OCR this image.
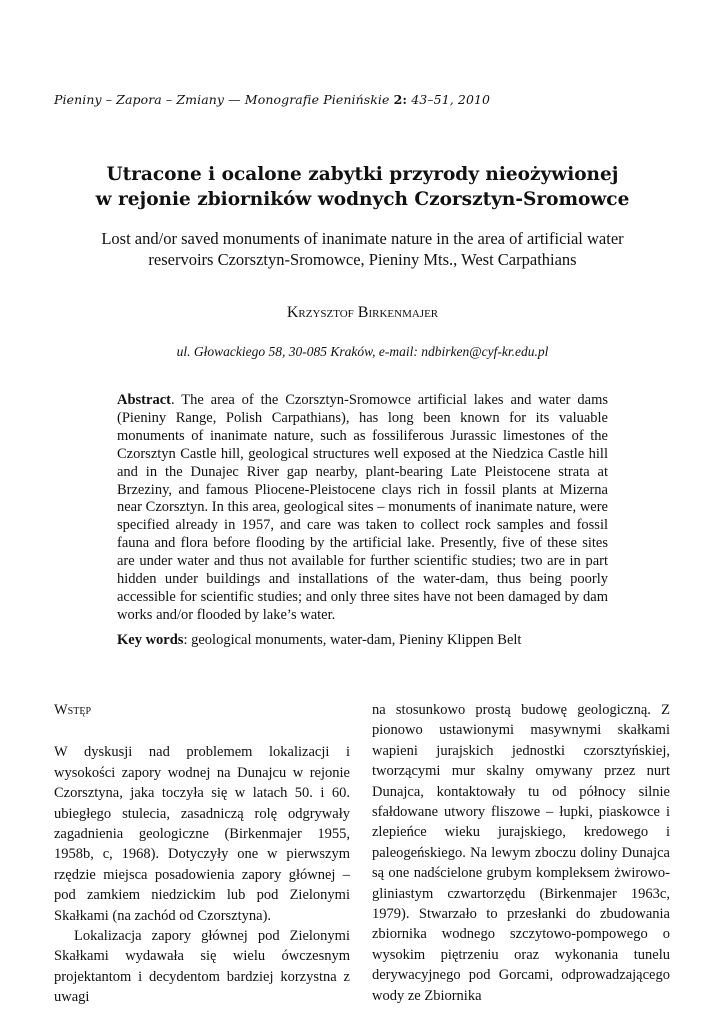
Pieniny – Zapora – Zmiany — Monografie Pienińskie 2: 43–51, 2010
Utracone i ocalone zabytki przyrody nieożywionej
w rejonie zbiorników wodnych Czorsztyn-Sromowce
Lost and/or saved monuments of inanimate nature in the area of artificial water
reservoirs Czorsztyn-Sromowce, Pieniny Mts., West Carpathians
Krzysztof Birkenmajer
ul. Głowackiego 58, 30-085 Kraków, e-mail: ndbirken@cyf-kr.edu.pl
Abstract. The area of the Czorsztyn-Sromowce artificial lakes and water dams (Pieniny Range, Polish Carpathians), has long been known for its valuable monuments of inanimate nature, such as fossiliferous Jurassic limestones of the Czorsztyn Castle hill, geological structures well exposed at the Niedzica Castle hill and in the Dunajec River gap nearby, plant-bearing Late Pleistocene strata at Brzeziny, and famous Pliocene-Pleistocene clays rich in fossil plants at Mizerna near Czorsztyn. In this area, geological sites – monuments of inanimate nature, were specified already in 1957, and care was taken to collect rock samples and fossil fauna and flora before flooding by the artificial lake. Presently, five of these sites are under water and thus not available for further scientific studies; two are in part hidden under buildings and installations of the water-dam, thus being poorly accessible for scientific studies; and only three sites have not been damaged by dam works and/or flooded by lake’s water.
Key words: geological monuments, water-dam, Pieniny Klippen Belt
Wstęp

W dyskusji nad problemem lokalizacji i wysokości zapory wodnej na Dunajcu w rejonie Czorsztyna, jaka toczyła się w latach 50. i 60. ubiegłego stulecia, zasadniczą rolę odgrywały zagadnienia geologiczne (Birkenmajer 1955, 1958b, c, 1968). Dotyczyły one w pierwszym rzędzie miejsca posadowienia zapory głównej – pod zamkiem niedzickim lub pod Zielonymi Skałkami (na zachód od Czorsztyna).

Lokalizacja zapory głównej pod Zielonymi Skałkami wydawała się wielu ówczesnym projektantom i decydentom bardziej korzystna z uwagi

na stosunkowo prostą budowę geologiczną. Z pionowo ustawionymi masywnymi skałkami wapieni jurajskich jednostki czorsztyńskiej, tworzącymi mur skalny omywany przez nurt Dunajca, kontaktowały tu od północy silnie sfałdowane utwory fliszowe – łupki, piaskowce i zlepieńce wieku jurajskiego, kredowego i paleogeńskiego. Na lewym zboczu doliny Dunajca są one nadścielone grubym kompleksem żwirowo-gliniastym czwartorzędu (Birkenmajer 1963c, 1979). Stwarzało to przesłanki do zbudowania zbiornika wodnego szczytowo-pompowego o wysokim piętrzeniu oraz wykonania tunelu derywacyjnego pod Gorcami, odprowadzającego wody ze Zbiornika
